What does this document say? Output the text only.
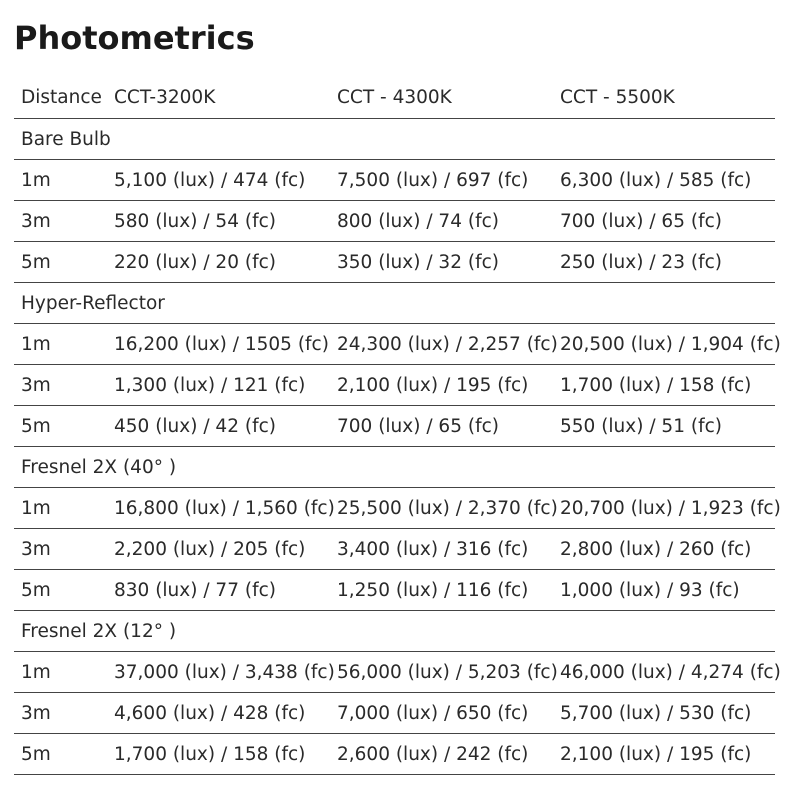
Photometrics
Distance CCT-3200K	CCT - 4300K	CCT - 5500K
Bare Bulb
1m	5,100 (lux) / 474 (fc) 7,500 (lux) / 697 (fc) 6,300 (lux) / 585 (fc)
3m	580 (lux) / 54 (fc)	800 (lux) / 74 (fc)	700 (lux) / 65 (fc)
5m	220 (lux) / 20 (fc)	350 (lux) / 32 (fc)	250 (lux) / 23 (fc)
Hyper-Reflector
1m	16,200 (lux) / 1505 (fc) 24,300 (lux) / 2,257 (fc) 20,500 (lux) / 1,904 (fc)
3m	1,300 (lux) / 121 (fc) 2,100 (lux) / 195 (fc) 1,700 (lux) / 158 (fc)
5m	450 (lux) / 42 (fc)	700 (lux) / 65 (fc)	550 (lux) / 51 (fc)
Fresnel 2X (40° )
1m	16,800 (lux) / 1,560 (fc) 25,500 (lux) / 2,370 (fc) 20,700 (lux) / 1,923 (fc)
3m	2,200 (lux) / 205 (fc) 3,400 (lux) / 316 (fc) 2,800 (lux) / 260 (fc)
5m	830 (lux) / 77 (fc)	1,250 (lux) / 116 (fc) 1,000 (lux) / 93 (fc)
Fresnel 2X (12° )
1m	37,000 (lux) / 3,438 (fc) 56,000 (lux) / 5,203 (fc) 46,000 (lux) / 4,274 (fc)
3m	4,600 (lux) / 428 (fc) 7,000 (lux) / 650 (fc) 5,700 (lux) / 530 (fc)
5m	1,700 (lux) / 158 (fc) 2,600 (lux) / 242 (fc) 2,100 (lux) / 195 (fc)
